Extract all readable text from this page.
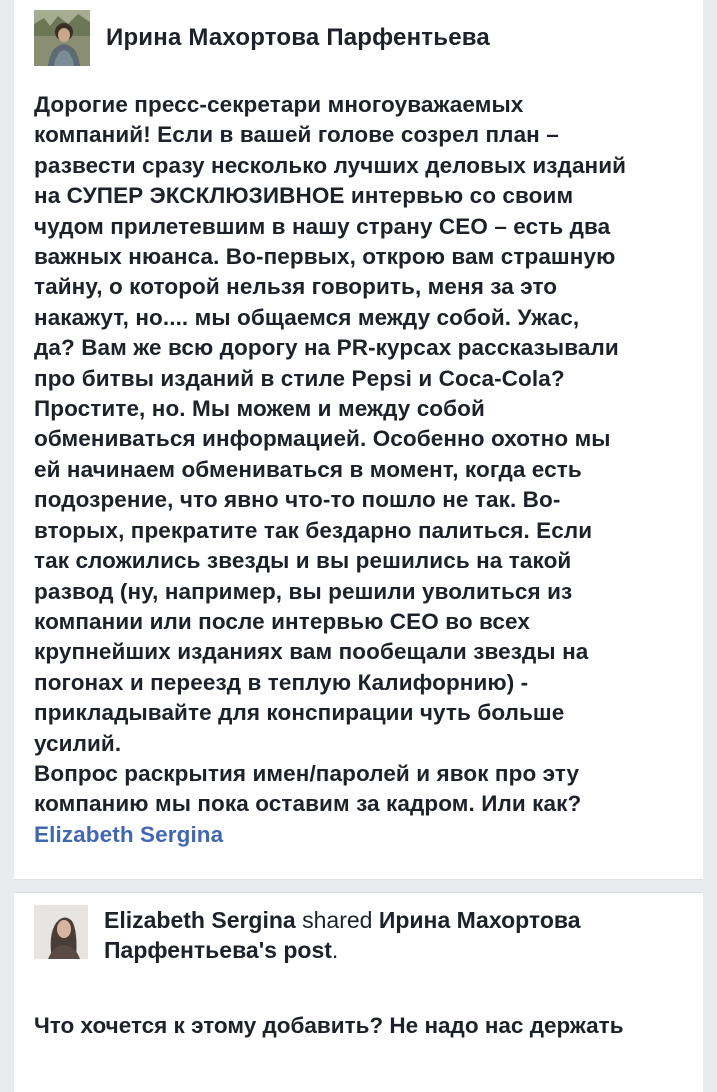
Ирина Махортова Парфентьева
Дорогие пресс-секретари многоуважаемых
компаний! Если в вашей голове созрел план –
развести сразу несколько лучших деловых изданий
на СУПЕР ЭКСКЛЮЗИВНОЕ интервью со своим
чудом прилетевшим в нашу страну CEO – есть два
важных нюанса. Во-первых, открою вам страшную
тайну, о которой нельзя говорить, меня за это
накажут, но.... мы общаемся между собой. Ужас,
да? Вам же всю дорогу на PR-курсах рассказывали
про битвы изданий в стиле Pepsi и Coca-Cola?
Простите, но. Мы можем и между собой
обмениваться информацией. Особенно охотно мы
ей начинаем обмениваться в момент, когда есть
подозрение, что явно что-то пошло не так. Во-
вторых, прекратите так бездарно палиться. Если
так сложились звезды и вы решились на такой
развод (ну, например, вы решили уволиться из
компании или после интервью CEO во всех
крупнейших изданиях вам пообещали звезды на
погонах и переезд в теплую Калифорнию) -
прикладывайте для конспирации чуть больше
усилий.
Вопрос раскрытия имен/паролей и явок про эту
компанию мы пока оставим за кадром. Или как?
Elizabeth Sergina
Elizabeth Sergina shared Ирина Махортова Парфентьева's post.
Что хочется к этому добавить? Не надо нас держать
